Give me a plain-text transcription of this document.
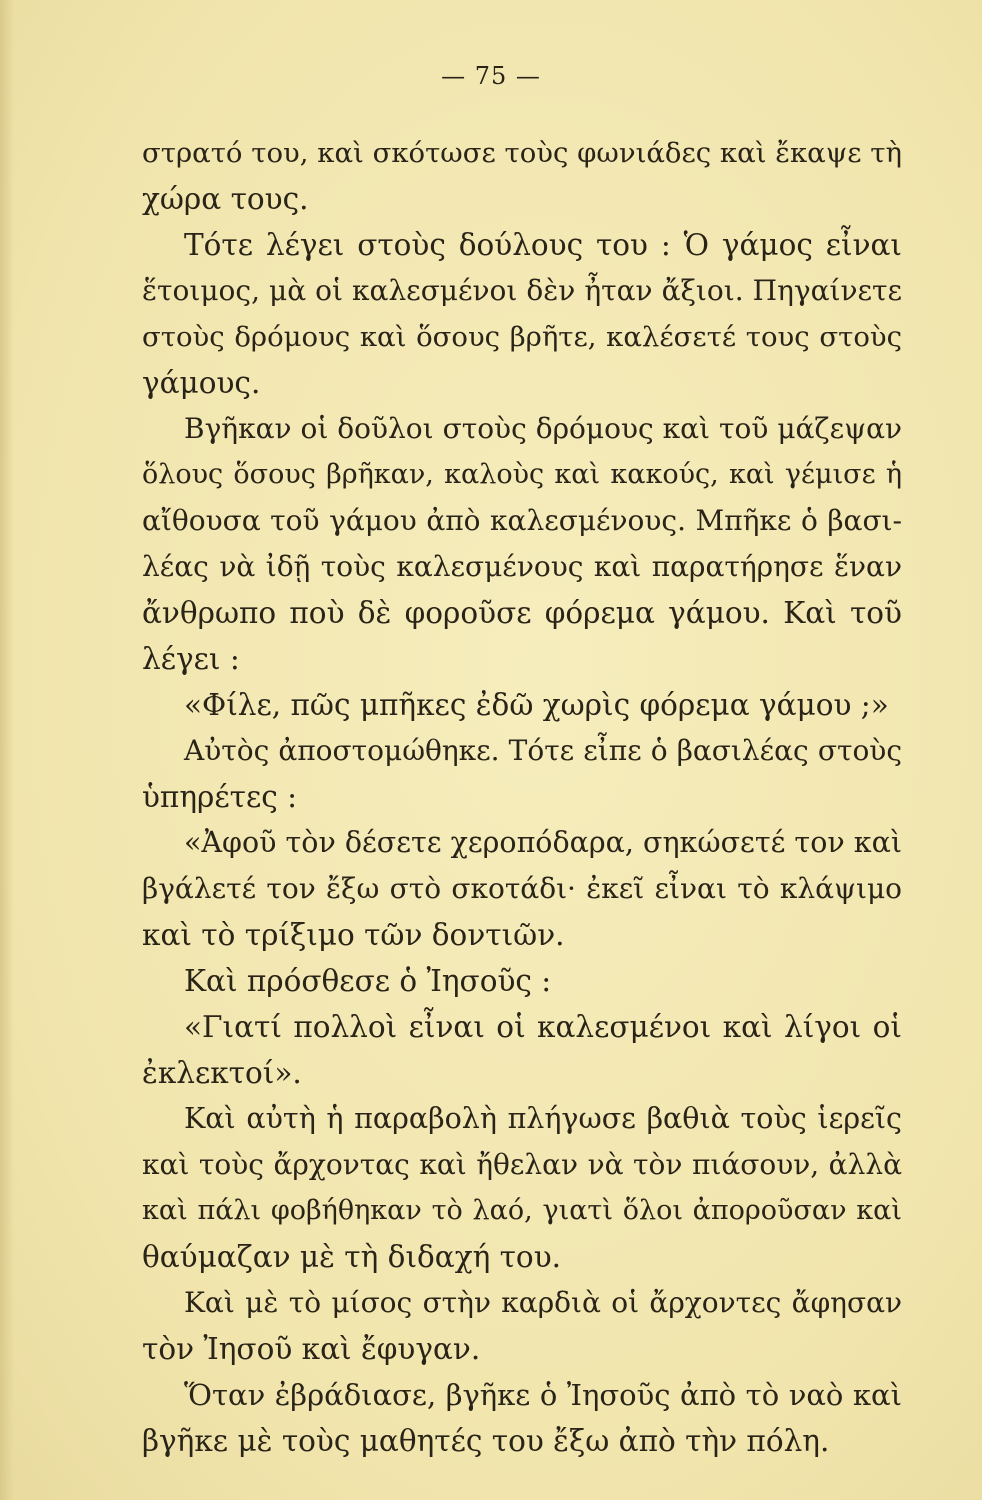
— 75 —
στρατό του, καὶ σκότωσε τοὺς φωνιάδες καὶ ἔκαψε τὴ
χώρα τους.
Τότε λέγει στοὺς δούλους του : Ὁ γάμος εἶναι
ἕτοιμος, μὰ οἱ καλεσμένοι δὲν ἦταν ἄξιοι. Πηγαίνετε
στοὺς δρόμους καὶ ὅσους βρῆτε, καλέσετέ τους στοὺς
γάμους.
Βγῆκαν οἱ δοῦλοι στοὺς δρόμους καὶ τοῦ μάζεψαν
ὅλους ὅσους βρῆκαν, καλοὺς καὶ κακούς, καὶ γέμισε ἡ
αἴθουσα τοῦ γάμου ἀπὸ καλεσμένους. Μπῆκε ὁ βασι-
λέας νὰ ἰδῇ τοὺς καλεσμένους καὶ παρατήρησε ἕναν
ἄνθρωπο ποὺ δὲ φοροῦσε φόρεμα γάμου. Καὶ τοῦ
λέγει :
«Φίλε, πῶς μπῆκες ἐδῶ χωρὶς φόρεμα γάμου ;»
Αὐτὸς ἀποστομώθηκε. Τότε εἶπε ὁ βασιλέας στοὺς
ὑπηρέτες :
«Ἀφοῦ τὸν δέσετε χεροπόδαρα, σηκώσετέ τον καὶ
βγάλετέ τον ἔξω στὸ σκοτάδι· ἐκεῖ εἶναι τὸ κλάψιμο
καὶ τὸ τρίξιμο τῶν δοντιῶν.
Καὶ πρόσθεσε ὁ Ἰησοῦς :
«Γιατί πολλοὶ εἶναι οἱ καλεσμένοι καὶ λίγοι οἱ
ἐκλεκτοί».
Καὶ αὐτὴ ἡ παραβολὴ πλήγωσε βαθιὰ τοὺς ἱερεῖς
καὶ τοὺς ἄρχοντας καὶ ἤθελαν νὰ τὸν πιάσουν, ἀλλὰ
καὶ πάλι φοβήθηκαν τὸ λαό, γιατὶ ὅλοι ἀποροῦσαν καὶ
θαύμαζαν μὲ τὴ διδαχή του.
Καὶ μὲ τὸ μίσος στὴν καρδιὰ οἱ ἄρχοντες ἄφησαν
τὸν Ἰησοῦ καὶ ἔφυγαν.
Ὅταν ἐβράδιασε, βγῆκε ὁ Ἰησοῦς ἀπὸ τὸ ναὸ καὶ
βγῆκε μὲ τοὺς μαθητές του ἔξω ἀπὸ τὴν πόλη.
